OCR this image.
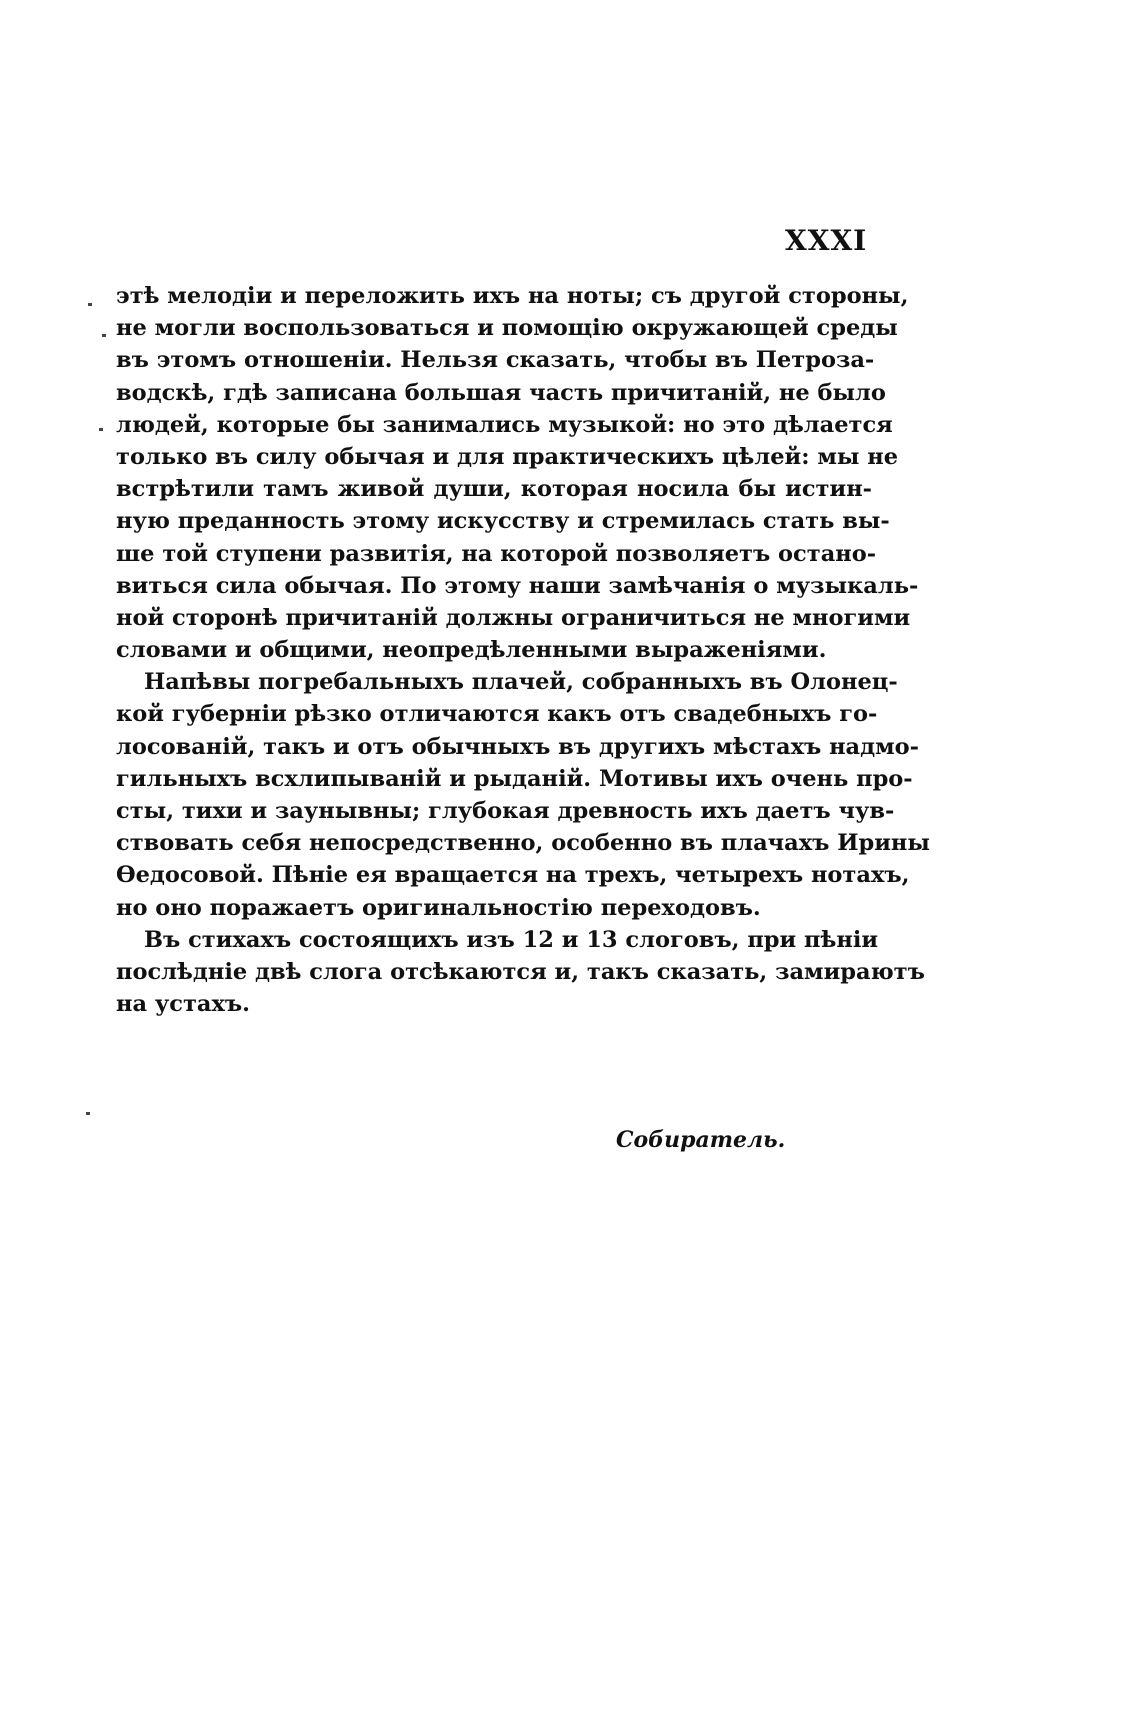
XXXI
этѣ мелодіи и переложить ихъ на ноты; съ другой стороны,
не могли воспользоваться и помощію окружающей среды
въ этомъ отношеніи. Нельзя сказать, чтобы въ Петроза-
водскѣ, гдѣ записана большая часть причитаній, не было
людей, которые бы занимались музыкой: но это дѣлается
только въ силу обычая и для практическихъ цѣлей: мы не
встрѣтили тамъ живой души, которая носила бы истин-
ную преданность этому искусству и стремилась стать вы-
ше той ступени развитія, на которой позволяетъ остано-
виться сила обычая. По этому наши замѣчанія о музыкаль-
ной сторонѣ причитаній должны ограничиться не многими
словами и общими, неопредѣленными выраженіями.
Напѣвы погребальныхъ плачей, собранныхъ въ Олонец-
кой губерніи рѣзко отличаются какъ отъ свадебныхъ го-
лосованій, такъ и отъ обычныхъ въ другихъ мѣстахъ надмо-
гильныхъ всхлипываній и рыданій. Мотивы ихъ очень про-
сты, тихи и заунывны; глубокая древность ихъ даетъ чув-
ствовать себя непосредственно, особенно въ плачахъ Ирины
Ѳедосовой. Пѣніе ея вращается на трехъ, четырехъ нотахъ,
но оно поражаетъ оригинальностію переходовъ.
Въ стихахъ состоящихъ изъ 12 и 13 слоговъ, при пѣніи
послѣдніе двѣ слога отсѣкаются и, такъ сказать, замираютъ
на устахъ.
Собиратель.
